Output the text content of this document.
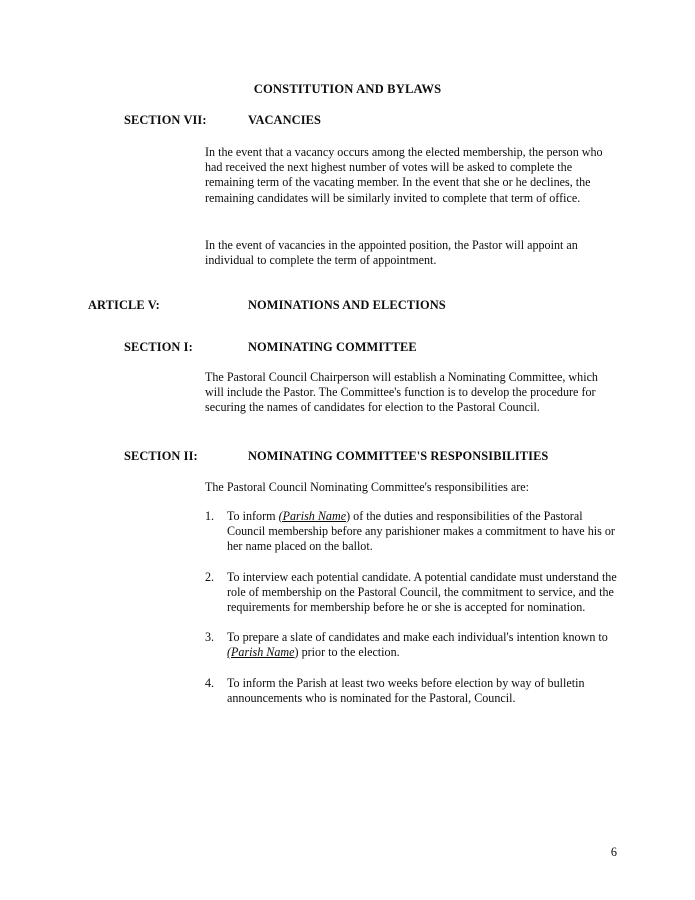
CONSTITUTION AND BYLAWS
SECTION VII:	VACANCIES
In the event that a vacancy occurs among the elected membership, the person who had received the next highest number of votes will be asked to complete the remaining term of the vacating member. In the event that she or he declines, the remaining candidates will be similarly invited to complete that term of office.
In the event of vacancies in the appointed position, the Pastor will appoint an individual to complete the term of appointment.
ARTICLE V:	NOMINATIONS AND ELECTIONS
SECTION I:	NOMINATING COMMITTEE
The Pastoral Council Chairperson will establish a Nominating Committee, which will include the Pastor. The Committee's function is to develop the procedure for securing the names of candidates for election to the Pastoral Council.
SECTION II:	NOMINATING COMMITTEE'S RESPONSIBILITIES
The Pastoral Council Nominating Committee's responsibilities are:
1.	To inform (Parish Name) of the duties and responsibilities of the Pastoral Council membership before any parishioner makes a commitment to have his or her name placed on the ballot.
2.	To interview each potential candidate. A potential candidate must understand the role of membership on the Pastoral Council, the commitment to service, and the requirements for membership before he or she is accepted for nomination.
3.	To prepare a slate of candidates and make each individual's intention known to (Parish Name) prior to the election.
4.	To inform the Parish at least two weeks before election by way of bulletin announcements who is nominated for the Pastoral, Council.
6
